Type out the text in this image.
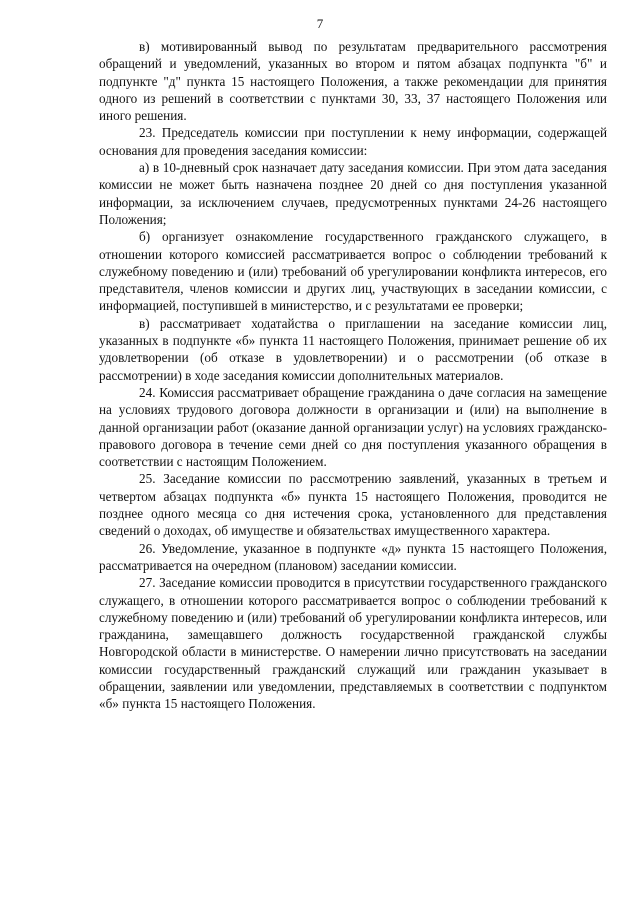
7

в) мотивированный вывод по результатам предварительного рассмотрения обращений и уведомлений, указанных во втором и пятом абзацах подпункта "б" и подпункте "д" пункта 15 настоящего Положения, а также рекомендации для принятия одного из решений в соответствии с пунктами 30, 33, 37 настоящего Положения или иного решения.

23. Председатель комиссии при поступлении к нему информации, содержащей основания для проведения заседания комиссии:

а) в 10-дневный срок назначает дату заседания комиссии. При этом дата заседания комиссии не может быть назначена позднее 20 дней со дня поступления указанной информации, за исключением случаев, предусмотренных пунктами 24-26 настоящего Положения;

б) организует ознакомление государственного гражданского служащего, в отношении которого комиссией рассматривается вопрос о соблюдении требований к служебному поведению и (или) требований об урегулировании конфликта интересов, его представителя, членов комиссии и других лиц, участвующих в заседании комиссии, с информацией, поступившей в министерство, и с результатами ее проверки;

в) рассматривает ходатайства о приглашении на заседание комиссии лиц, указанных в подпункте «б» пункта 11 настоящего Положения, принимает решение об их удовлетворении (об отказе в удовлетворении) и о рассмотрении (об отказе в рассмотрении) в ходе заседания комиссии дополнительных материалов.

24. Комиссия рассматривает обращение гражданина о даче согласия на замещение на условиях трудового договора должности в организации и (или) на выполнение в данной организации работ (оказание данной организации услуг) на условиях гражданско-правового договора в течение семи дней со дня поступления указанного обращения в соответствии с настоящим Положением.

25. Заседание комиссии по рассмотрению заявлений, указанных в третьем и четвертом абзацах подпункта «б» пункта 15 настоящего Положения, проводится не позднее одного месяца со дня истечения срока, установленного для представления сведений о доходах, об имуществе и обязательствах имущественного характера.

26. Уведомление, указанное в подпункте «д» пункта 15 настоящего Положения, рассматривается на очередном (плановом) заседании комиссии.

27. Заседание комиссии проводится в присутствии государственного гражданского служащего, в отношении которого рассматривается вопрос о соблюдении требований к служебному поведению и (или) требований об урегулировании конфликта интересов, или гражданина, замещавшего должность государственной гражданской службы Новгородской области в министерстве. О намерении лично присутствовать на заседании комиссии государственный гражданский служащий или гражданин указывает в обращении, заявлении или уведомлении, представляемых в соответствии с подпунктом «б» пункта 15 настоящего Положения.
